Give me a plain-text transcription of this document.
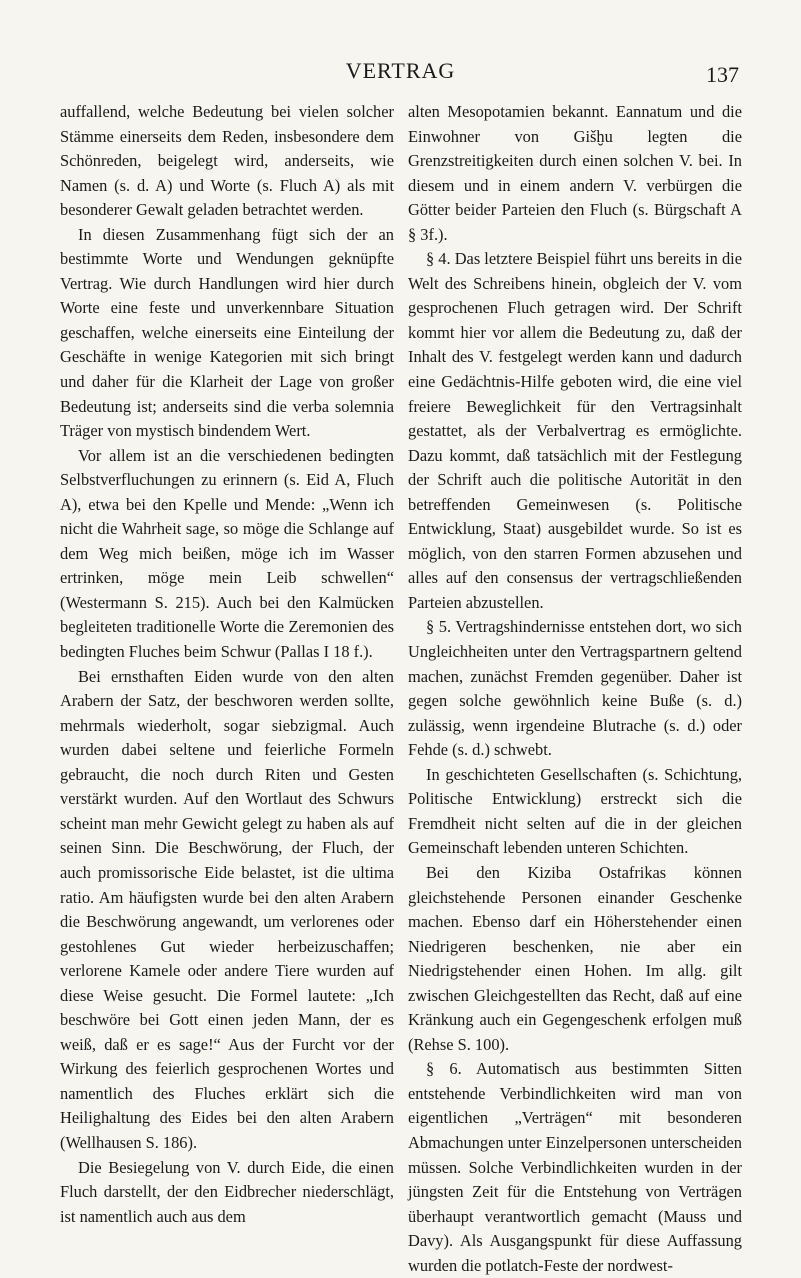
VERTRAG	137

auffallend, welche Bedeutung bei vielen solcher Stämme einerseits dem Reden, insbesondere dem Schönreden, beigelegt wird, anderseits, wie Namen (s. d. A) und Worte (s. Fluch A) als mit besonderer Gewalt geladen betrachtet werden.

In diesen Zusammenhang fügt sich der an bestimmte Worte und Wendungen geknüpfte Vertrag. Wie durch Handlungen wird hier durch Worte eine feste und unverkennbare Situation geschaffen, welche einerseits eine Einteilung der Geschäfte in wenige Kategorien mit sich bringt und daher für die Klarheit der Lage von großer Bedeutung ist; anderseits sind die verba solemnia Träger von mystisch bindendem Wert.

Vor allem ist an die verschiedenen bedingten Selbstverfluchungen zu erinnern (s. Eid A, Fluch A), etwa bei den Kpelle und Mende: „Wenn ich nicht die Wahrheit sage, so möge die Schlange auf dem Weg mich beißen, möge ich im Wasser ertrinken, möge mein Leib schwellen“ (Westermann S. 215). Auch bei den Kalmücken begleiteten traditionelle Worte die Zeremonien des bedingten Fluches beim Schwur (Pallas I 18 f.).

Bei ernsthaften Eiden wurde von den alten Arabern der Satz, der beschworen werden sollte, mehrmals wiederholt, sogar siebzigmal. Auch wurden dabei seltene und feierliche Formeln gebraucht, die noch durch Riten und Gesten verstärkt wurden. Auf den Wortlaut des Schwurs scheint man mehr Gewicht gelegt zu haben als auf seinen Sinn. Die Beschwörung, der Fluch, der auch promissorische Eide belastet, ist die ultima ratio. Am häufigsten wurde bei den alten Arabern die Beschwörung angewandt, um verlorenes oder gestohlenes Gut wieder herbeizuschaffen; verlorene Kamele oder andere Tiere wurden auf diese Weise gesucht. Die Formel lautete: „Ich beschwöre bei Gott einen jeden Mann, der es weiß, daß er es sage!“ Aus der Furcht vor der Wirkung des feierlich gesprochenen Wortes und namentlich des Fluches erklärt sich die Heilighaltung des Eides bei den alten Arabern (Wellhausen S. 186).

Die Besiegelung von V. durch Eide, die einen Fluch darstellt, der den Eidbrecher niederschlägt, ist namentlich auch aus dem

alten Mesopotamien bekannt. Eannatum und die Einwohner von Gišḫu legten die Grenzstreitigkeiten durch einen solchen V. bei. In diesem und in einem andern V. verbürgen die Götter beider Parteien den Fluch (s. Bürgschaft A § 3f.).

§ 4. Das letztere Beispiel führt uns bereits in die Welt des Schreibens hinein, obgleich der V. vom gesprochenen Fluch getragen wird. Der Schrift kommt hier vor allem die Bedeutung zu, daß der Inhalt des V. festgelegt werden kann und dadurch eine Gedächtnis-Hilfe geboten wird, die eine viel freiere Beweglichkeit für den Vertragsinhalt gestattet, als der Verbalvertrag es ermöglichte. Dazu kommt, daß tatsächlich mit der Festlegung der Schrift auch die politische Autorität in den betreffenden Gemeinwesen (s. Politische Entwicklung, Staat) ausgebildet wurde. So ist es möglich, von den starren Formen abzusehen und alles auf den consensus der vertragschließenden Parteien abzustellen.

§ 5. Vertragshindernisse entstehen dort, wo sich Ungleichheiten unter den Vertragspartnern geltend machen, zunächst Fremden gegenüber. Daher ist gegen solche gewöhnlich keine Buße (s. d.) zulässig, wenn irgendeine Blutrache (s. d.) oder Fehde (s. d.) schwebt.

In geschichteten Gesellschaften (s. Schichtung, Politische Entwicklung) erstreckt sich die Fremdheit nicht selten auf die in der gleichen Gemeinschaft lebenden unteren Schichten.

Bei den Kiziba Ostafrikas können gleichstehende Personen einander Geschenke machen. Ebenso darf ein Höherstehender einen Niedrigeren beschenken, nie aber ein Niedrigstehender einen Hohen. Im allg. gilt zwischen Gleichgestellten das Recht, daß auf eine Kränkung auch ein Gegengeschenk erfolgen muß (Rehse S. 100).

§ 6. Automatisch aus bestimmten Sitten entstehende Verbindlichkeiten wird man von eigentlichen „Verträgen“ mit besonderen Abmachungen unter Einzelpersonen unterscheiden müssen. Solche Verbindlichkeiten wurden in der jüngsten Zeit für die Entstehung von Verträgen überhaupt verantwortlich gemacht (Mauss und Davy). Als Ausgangspunkt für diese Auffassung wurden die potlatch-Feste der nordwest-
